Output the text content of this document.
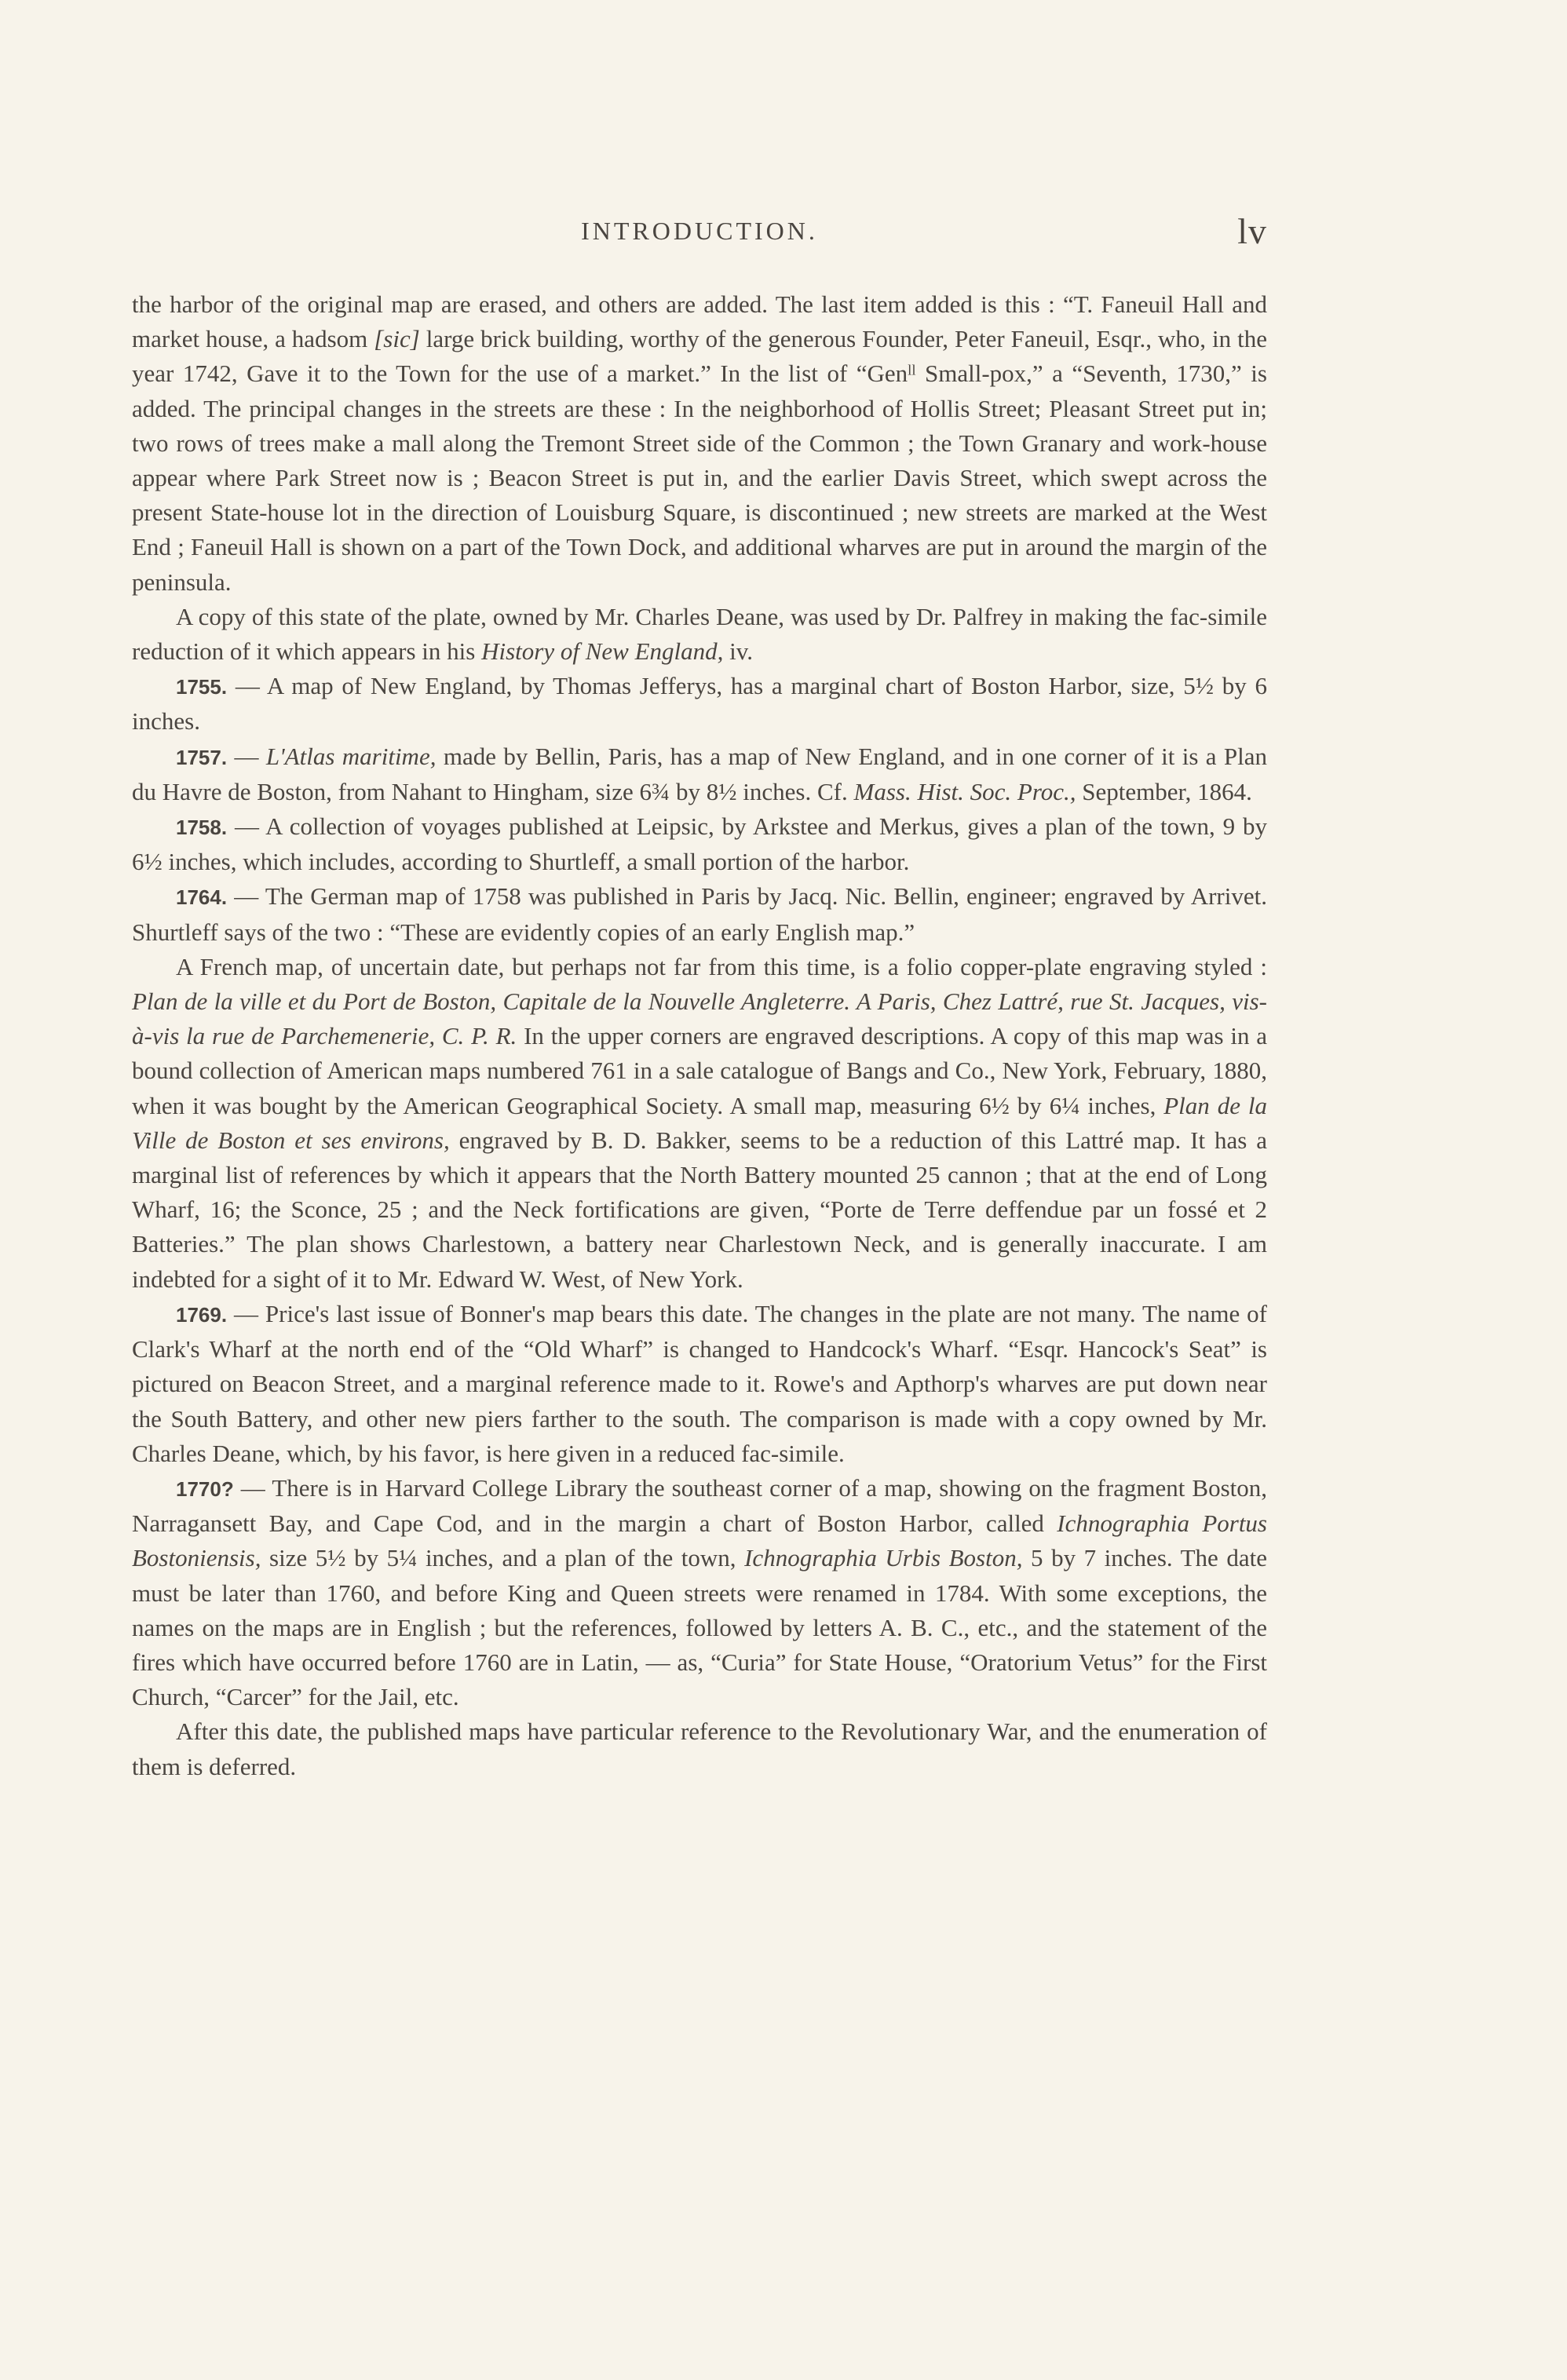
INTRODUCTION.	lv

the harbor of the original map are erased, and others are added. The last item added is this : “T. Faneuil Hall and market house, a hadsom [sic] large brick building, worthy of the generous Founder, Peter Faneuil, Esqr., who, in the year 1742, Gave it to the Town for the use of a market.” In the list of “Genˡˡ Small-pox,” a “Seventh, 1730,” is added. The principal changes in the streets are these : In the neighborhood of Hollis Street; Pleasant Street put in; two rows of trees make a mall along the Tremont Street side of the Common ; the Town Granary and work-house appear where Park Street now is ; Beacon Street is put in, and the earlier Davis Street, which swept across the present State-house lot in the direction of Louisburg Square, is discontinued ; new streets are marked at the West End ; Faneuil Hall is shown on a part of the Town Dock, and additional wharves are put in around the margin of the peninsula.

A copy of this state of the plate, owned by Mr. Charles Deane, was used by Dr. Palfrey in making the fac-simile reduction of it which appears in his History of New England, iv.

1755. — A map of New England, by Thomas Jefferys, has a marginal chart of Boston Harbor, size, 5½ by 6 inches.

1757. — L'Atlas maritime, made by Bellin, Paris, has a map of New England, and in one corner of it is a Plan du Havre de Boston, from Nahant to Hingham, size 6¾ by 8½ inches. Cf. Mass. Hist. Soc. Proc., September, 1864.

1758. — A collection of voyages published at Leipsic, by Arkstee and Merkus, gives a plan of the town, 9 by 6½ inches, which includes, according to Shurtleff, a small portion of the harbor.

1764. — The German map of 1758 was published in Paris by Jacq. Nic. Bellin, engineer; engraved by Arrivet. Shurtleff says of the two : “These are evidently copies of an early English map.”

A French map, of uncertain date, but perhaps not far from this time, is a folio copper-plate engraving styled : Plan de la ville et du Port de Boston, Capitale de la Nouvelle Angleterre. A Paris, Chez Lattré, rue St. Jacques, vis-à-vis la rue de Parchemenerie, C. P. R. In the upper corners are engraved descriptions. A copy of this map was in a bound collection of American maps numbered 761 in a sale catalogue of Bangs and Co., New York, February, 1880, when it was bought by the American Geographical Society. A small map, measuring 6½ by 6¼ inches, Plan de la Ville de Boston et ses environs, engraved by B. D. Bakker, seems to be a reduction of this Lattré map. It has a marginal list of references by which it appears that the North Battery mounted 25 cannon ; that at the end of Long Wharf, 16; the Sconce, 25 ; and the Neck fortifications are given, “Porte de Terre deffendue par un fossé et 2 Batteries.” The plan shows Charlestown, a battery near Charlestown Neck, and is generally inaccurate. I am indebted for a sight of it to Mr. Edward W. West, of New York.

1769. — Price's last issue of Bonner's map bears this date. The changes in the plate are not many. The name of Clark's Wharf at the north end of the “Old Wharf” is changed to Handcock's Wharf. “Esqr. Hancock's Seat” is pictured on Beacon Street, and a marginal reference made to it. Rowe's and Apthorp's wharves are put down near the South Battery, and other new piers farther to the south. The comparison is made with a copy owned by Mr. Charles Deane, which, by his favor, is here given in a reduced fac-simile.

1770? — There is in Harvard College Library the southeast corner of a map, showing on the fragment Boston, Narragansett Bay, and Cape Cod, and in the margin a chart of Boston Harbor, called Ichnographia Portus Bostoniensis, size 5½ by 5¼ inches, and a plan of the town, Ichnographia Urbis Boston, 5 by 7 inches. The date must be later than 1760, and before King and Queen streets were renamed in 1784. With some exceptions, the names on the maps are in English ; but the references, followed by letters A. B. C., etc., and the statement of the fires which have occurred before 1760 are in Latin, — as, “Curia” for State House, “Oratorium Vetus” for the First Church, “Carcer” for the Jail, etc.

After this date, the published maps have particular reference to the Revolutionary War, and the enumeration of them is deferred.
